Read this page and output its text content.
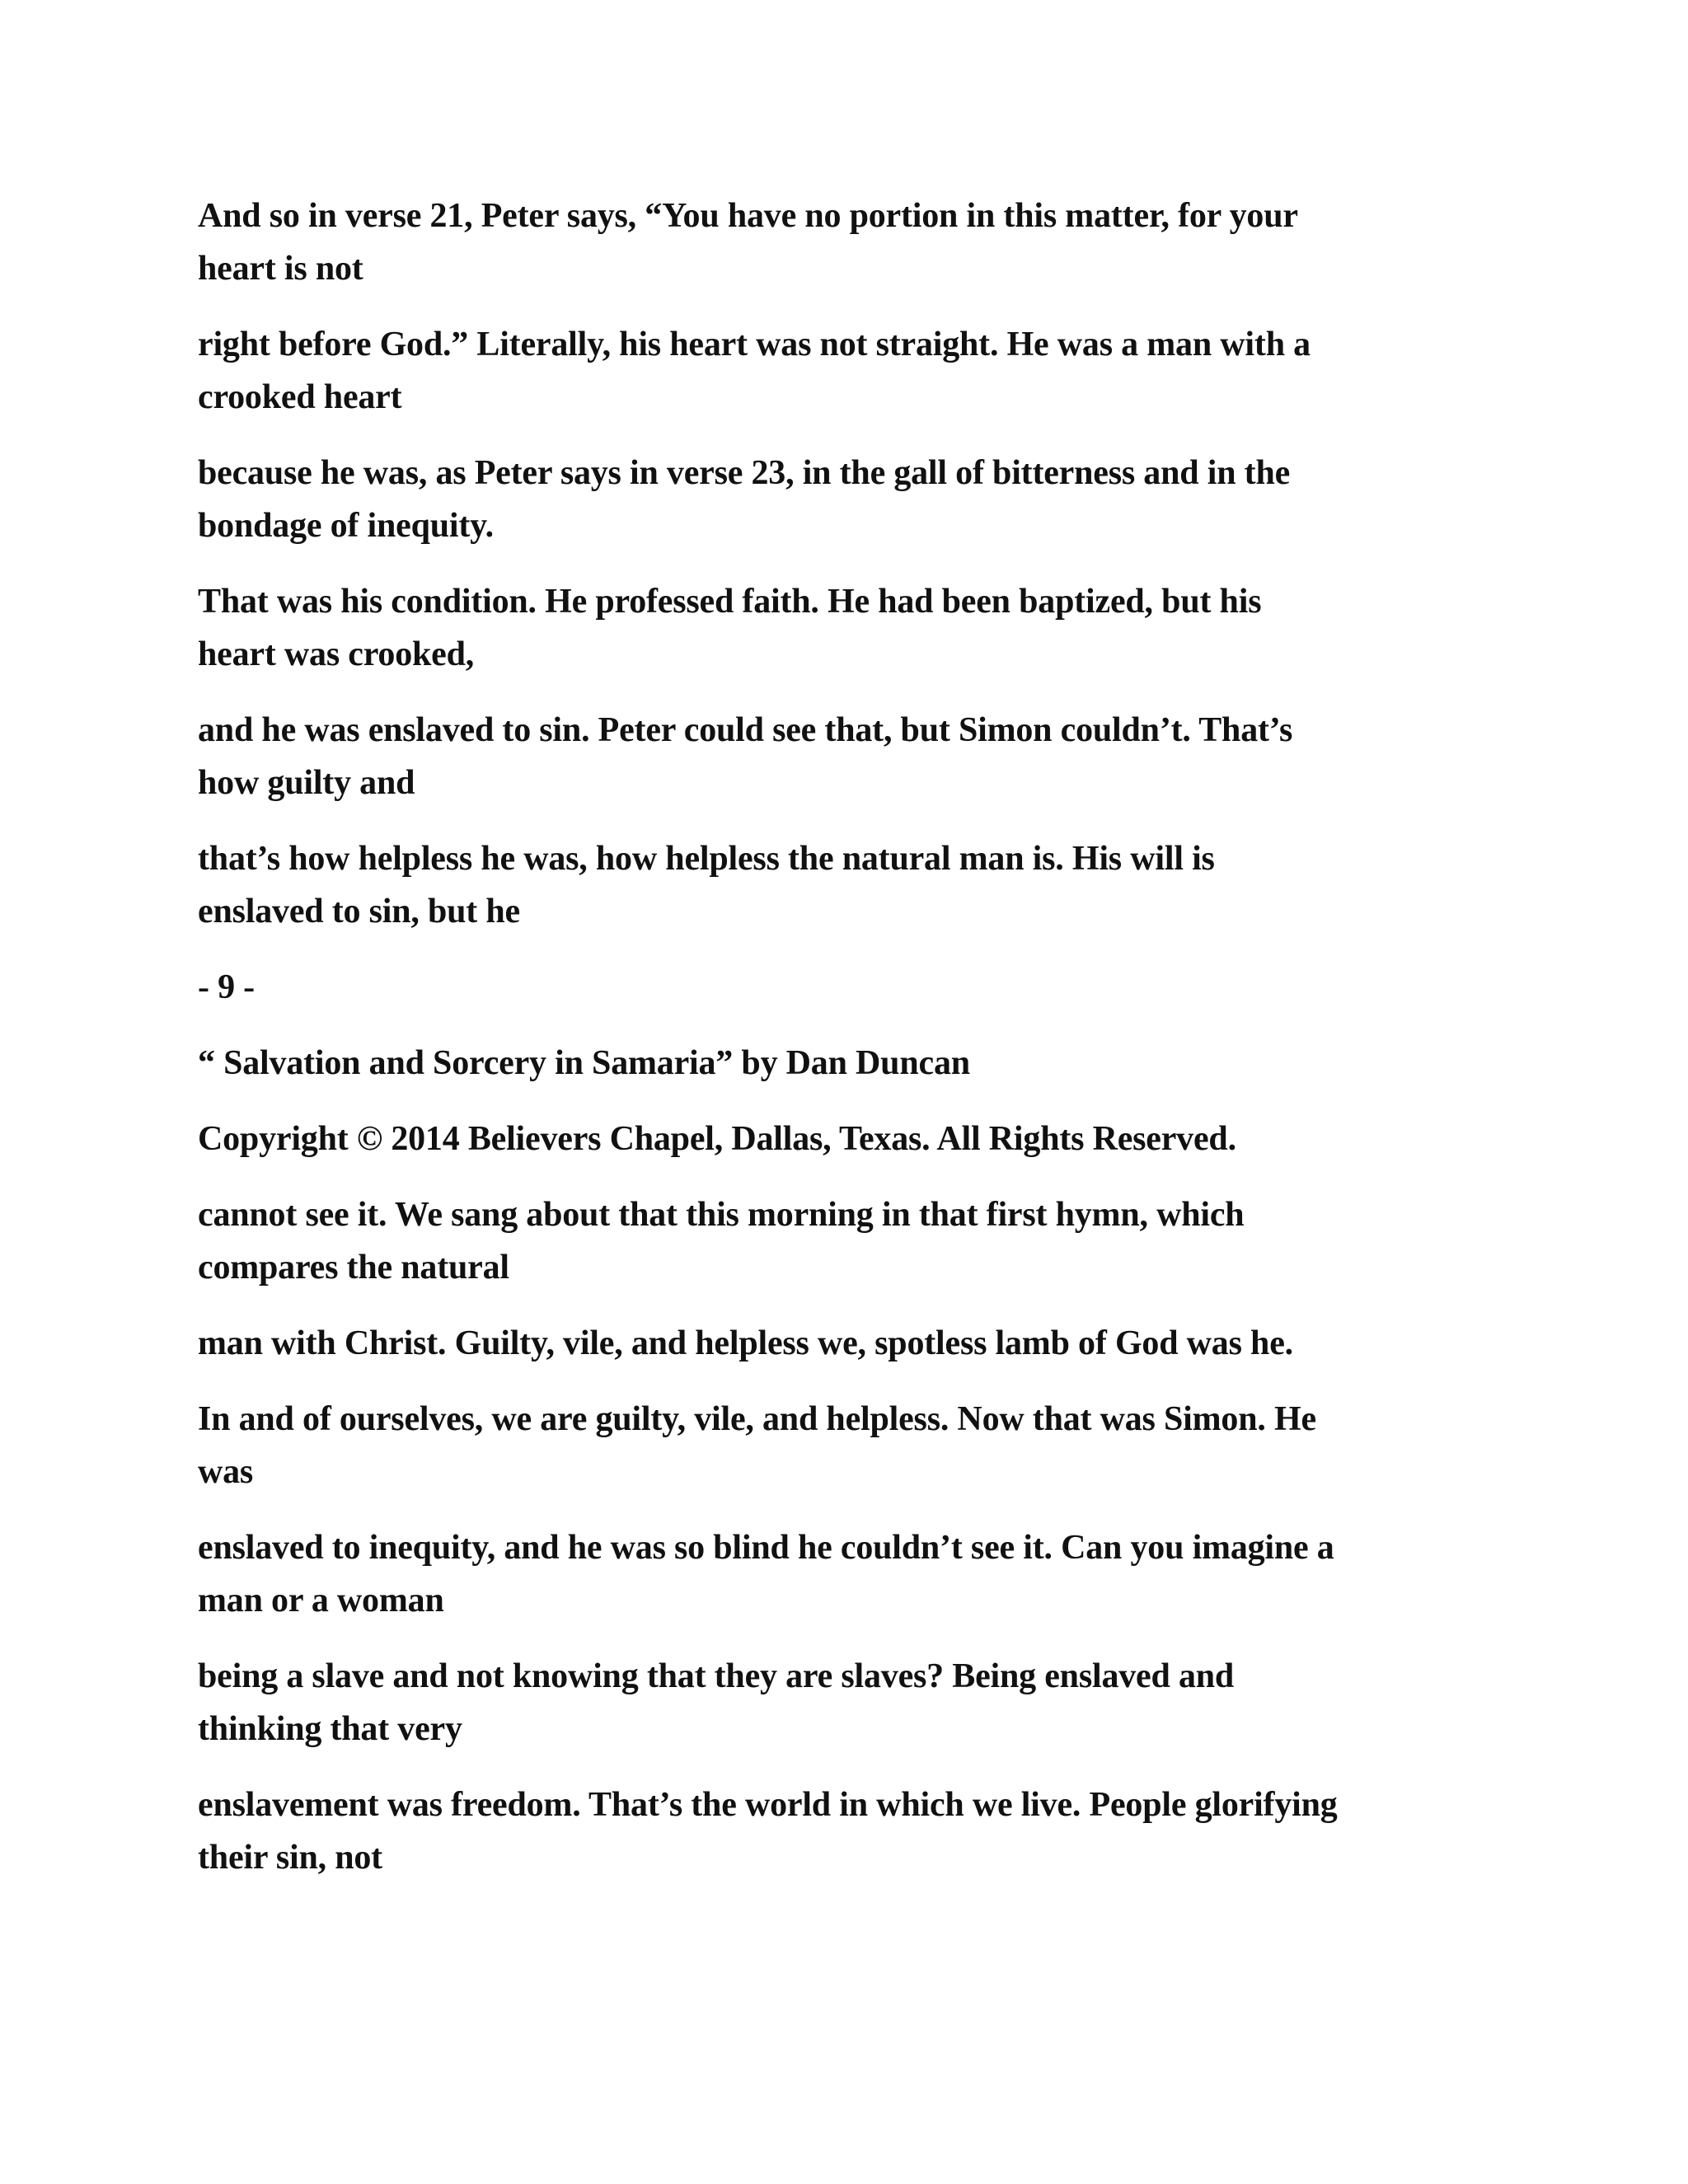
And so in verse 21, Peter says, “You have no portion in this matter, for your
heart is not

right before God.” Literally, his heart was not straight. He was a man with a
crooked heart

because he was, as Peter says in verse 23, in the gall of bitterness and in the
bondage of inequity.

That was his condition. He professed faith. He had been baptized, but his
heart was crooked,

and he was enslaved to sin. Peter could see that, but Simon couldn’t. That’s
how guilty and

that’s how helpless he was, how helpless the natural man is. His will is
enslaved to sin, but he

- 9 -

“ Salvation and Sorcery in Samaria” by Dan Duncan

Copyright © 2014 Believers Chapel, Dallas, Texas. All Rights Reserved.

cannot see it. We sang about that this morning in that first hymn, which
compares the natural

man with Christ. Guilty, vile, and helpless we, spotless lamb of God was he.

In and of ourselves, we are guilty, vile, and helpless. Now that was Simon. He
was

enslaved to inequity, and he was so blind he couldn’t see it. Can you imagine a
man or a woman

being a slave and not knowing that they are slaves? Being enslaved and
thinking that very

enslavement was freedom. That’s the world in which we live. People glorifying
their sin, not
